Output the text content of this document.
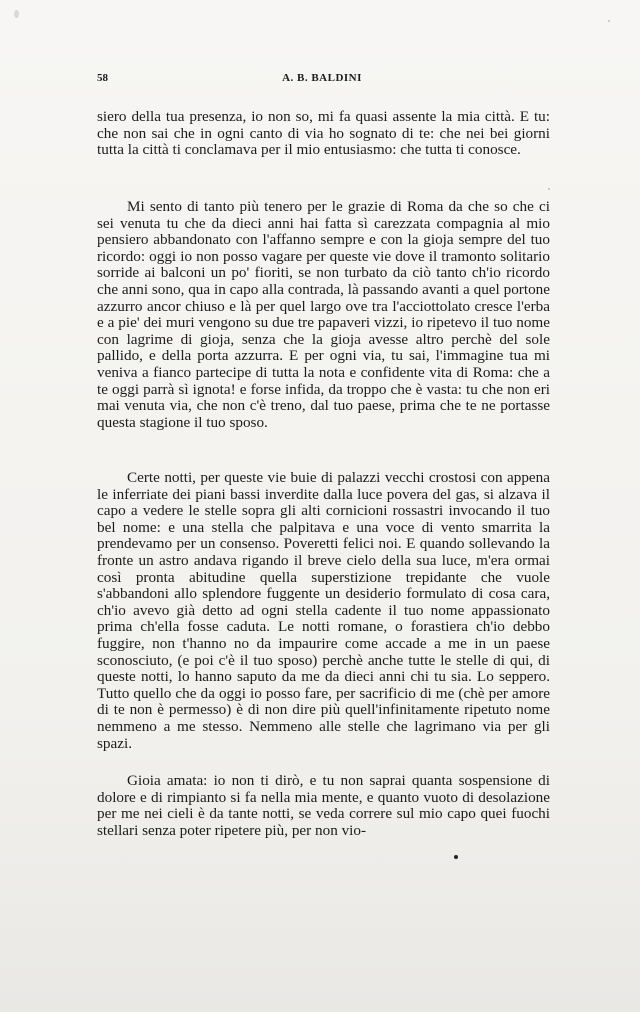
58	A. B. BALDINI

siero della tua presenza, io non so, mi fa quasi assente la mia città. E tu: che non sai che in ogni canto di via ho sognato di te: che nei bei giorni tutta la città ti conclamava per il mio entusiasmo: che tutta ti conosce.

Mi sento di tanto più tenero per le grazie di Roma da che so che ci sei venuta tu che da dieci anni hai fatta sì carezzata compagnia al mio pensiero abbandonato con l'affanno sempre e con la gioja sempre del tuo ricordo: oggi io non posso vagare per queste vie dove il tramonto solitario sorride ai balconi un po' fioriti, se non turbato da ciò tanto ch'io ricordo che anni sono, qua in capo alla contrada, là passando avanti a quel portone azzurro ancor chiuso e là per quel largo ove tra l'acciottolato cresce l'erba e a pie' dei muri vengono su due tre papaveri vizzi, io ripetevo il tuo nome con lagrime di gioja, senza che la gioja avesse altro perchè del sole pallido, e della porta azzurra. E per ogni via, tu sai, l'immagine tua mi veniva a fianco partecipe di tutta la nota e confidente vita di Roma: che a te oggi parrà sì ignota! e forse infida, da troppo che è vasta: tu che non eri mai venuta via, che non c'è treno, dal tuo paese, prima che te ne portasse questa stagione il tuo sposo.

Certe notti, per queste vie buie di palazzi vecchi crostosi con appena le inferriate dei piani bassi inverdite dalla luce povera del gas, si alzava il capo a vedere le stelle sopra gli alti cornicioni rossastri invocando il tuo bel nome: e una stella che palpitava e una voce di vento smarrita la prendevamo per un consenso. Poveretti felici noi. E quando sollevando la fronte un astro andava rigando il breve cielo della sua luce, m'era ormai così pronta abitudine quella superstizione trepidante che vuole s'abbandoni allo splendore fuggente un desiderio formulato di cosa cara, ch'io avevo già detto ad ogni stella cadente il tuo nome appassionato prima ch'ella fosse caduta. Le notti romane, o forastiera ch'io debbo fuggire, non t'hanno no da impaurire come accade a me in un paese sconosciuto, (e poi c'è il tuo sposo) perchè anche tutte le stelle di qui, di queste notti, lo hanno saputo da me da dieci anni chi tu sia. Lo seppero. Tutto quello che da oggi io posso fare, per sacrificio di me (chè per amore di te non è permesso) è di non dire più quell'infinitamente ripetuto nome nemmeno a me stesso. Nemmeno alle stelle che lagrimano via per gli spazi.

Gioia amata: io non ti dirò, e tu non saprai quanta sospensione di dolore e di rimpianto si fa nella mia mente, e quanto vuoto di desolazione per me nei cieli è da tante notti, se veda correre sul mio capo quei fuochi stellari senza poter ripetere più, per non vio-
